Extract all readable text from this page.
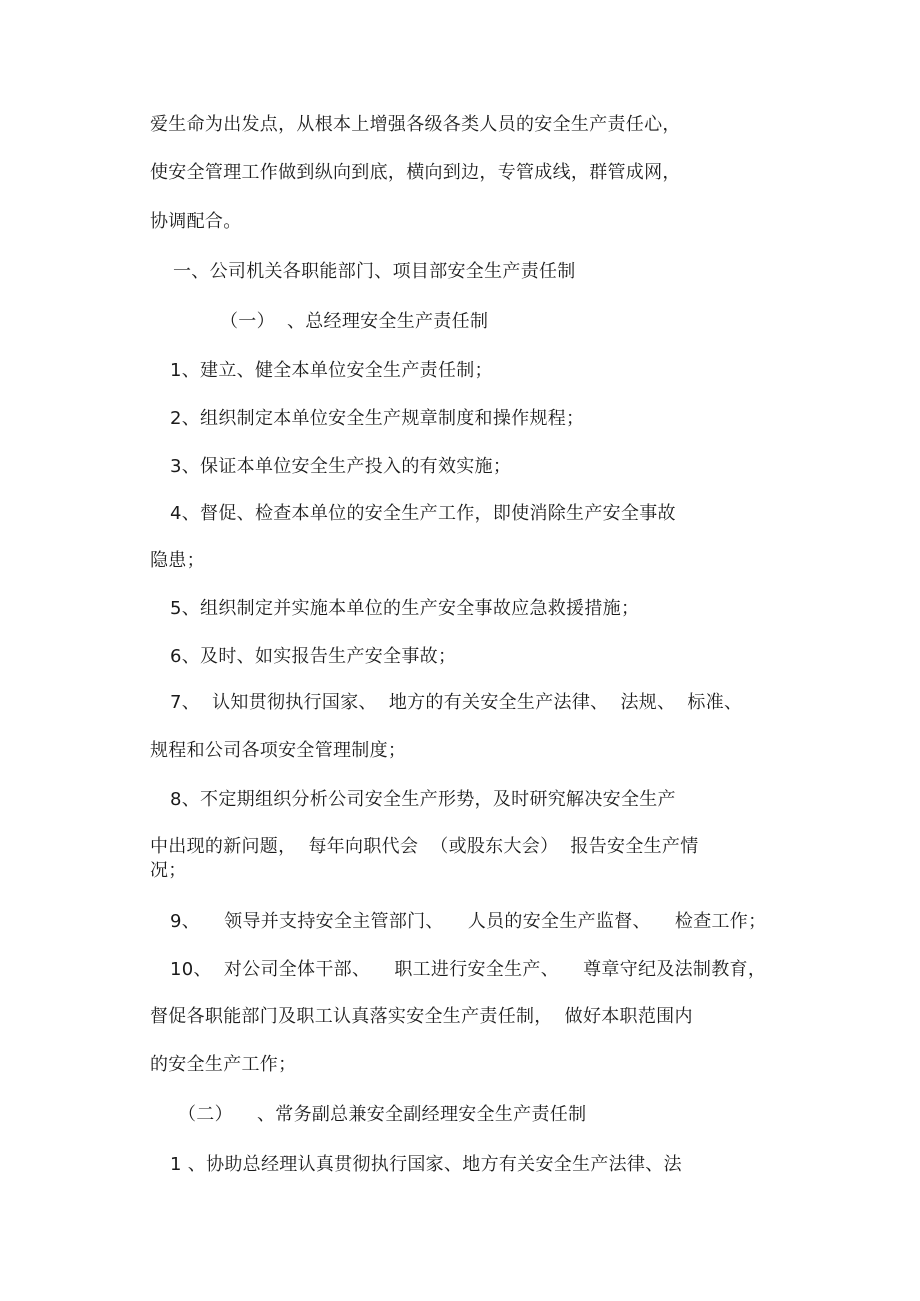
爱生命为出发点，从根本上增强各级各类人员的安全生产责任心，
使安全管理工作做到纵向到底，横向到边，专管成线，群管成网，
协调配合。
一、公司机关各职能部门、项目部安全生产责任制
（一）  、总经理安全生产责任制
1、建立、健全本单位安全生产责任制；
2、组织制定本单位安全生产规章制度和操作规程；
3、保证本单位安全生产投入的有效实施；
4、督促、检查本单位的安全生产工作，即使消除生产安全事故
隐患；
5、组织制定并实施本单位的生产安全事故应急救援措施；
6、及时、如实报告生产安全事故；
7、  认知贯彻执行国家、  地方的有关安全生产法律、  法规、  标准、
规程和公司各项安全管理制度；
8、不定期组织分析公司安全生产形势，及时研究解决安全生产
中出现的新问题，  每年向职代会  （或股东大会）  报告安全生产情
况；
9、    领导并支持安全主管部门、    人员的安全生产监督、    检查工作；
10、  对公司全体干部、    职工进行安全生产、    尊章守纪及法制教育，
督促各职能部门及职工认真落实安全生产责任制，  做好本职范围内
的安全生产工作；
（二）    、常务副总兼安全副经理安全生产责任制
1 、协助总经理认真贯彻执行国家、地方有关安全生产法律、法
